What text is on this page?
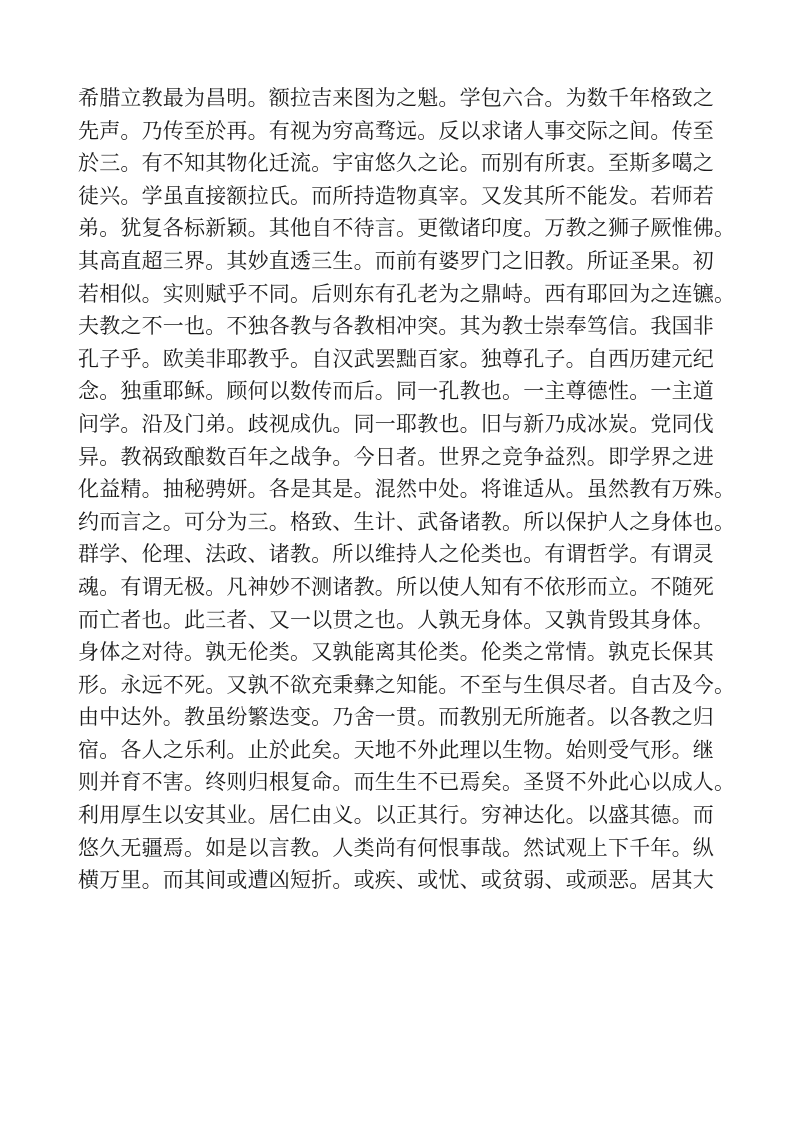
希腊立教最为昌明。额拉吉来图为之魁。学包六合。为数千年格致之
先声。乃传至於再。有视为穷高骛远。反以求诸人事交际之间。传至
於三。有不知其物化迁流。宇宙悠久之论。而别有所衷。至斯多噶之
徒兴。学虽直接额拉氏。而所持造物真宰。又发其所不能发。若师若
弟。犹复各标新颖。其他自不待言。更徵诸印度。万教之狮子厥惟佛。
其高直超三界。其妙直透三生。而前有婆罗门之旧教。所证圣果。初
若相似。实则赋乎不同。后则东有孔老为之鼎峙。西有耶回为之连镳。
夫教之不一也。不独各教与各教相冲突。其为教士崇奉笃信。我国非
孔子乎。欧美非耶教乎。自汉武罢黜百家。独尊孔子。自西历建元纪
念。独重耶稣。顾何以数传而后。同一孔教也。一主尊德性。一主道
问学。沿及门弟。歧视成仇。同一耶教也。旧与新乃成冰炭。党同伐
异。教祸致酿数百年之战争。今日者。世界之竞争益烈。即学界之进
化益精。抽秘骋妍。各是其是。混然中处。将谁适从。虽然教有万殊。
约而言之。可分为三。格致、生计、武备诸教。所以保护人之身体也。
群学、伦理、法政、诸教。所以维持人之伦类也。有谓哲学。有谓灵
魂。有谓无极。凡神妙不测诸教。所以使人知有不依形而立。不随死
而亡者也。此三者、又一以贯之也。人孰无身体。又孰肯毁其身体。
身体之对待。孰无伦类。又孰能离其伦类。伦类之常情。孰克长保其
形。永远不死。又孰不欲充秉彝之知能。不至与生俱尽者。自古及今。
由中达外。教虽纷繁迭变。乃舍一贯。而教别无所施者。以各教之归
宿。各人之乐利。止於此矣。天地不外此理以生物。始则受气形。继
则并育不害。终则归根复命。而生生不已焉矣。圣贤不外此心以成人。
利用厚生以安其业。居仁由义。以正其行。穷神达化。以盛其德。而
悠久无疆焉。如是以言教。人类尚有何恨事哉。然试观上下千年。纵
横万里。而其间或遭凶短折。或疾、或忧、或贫弱、或顽恶。居其大
